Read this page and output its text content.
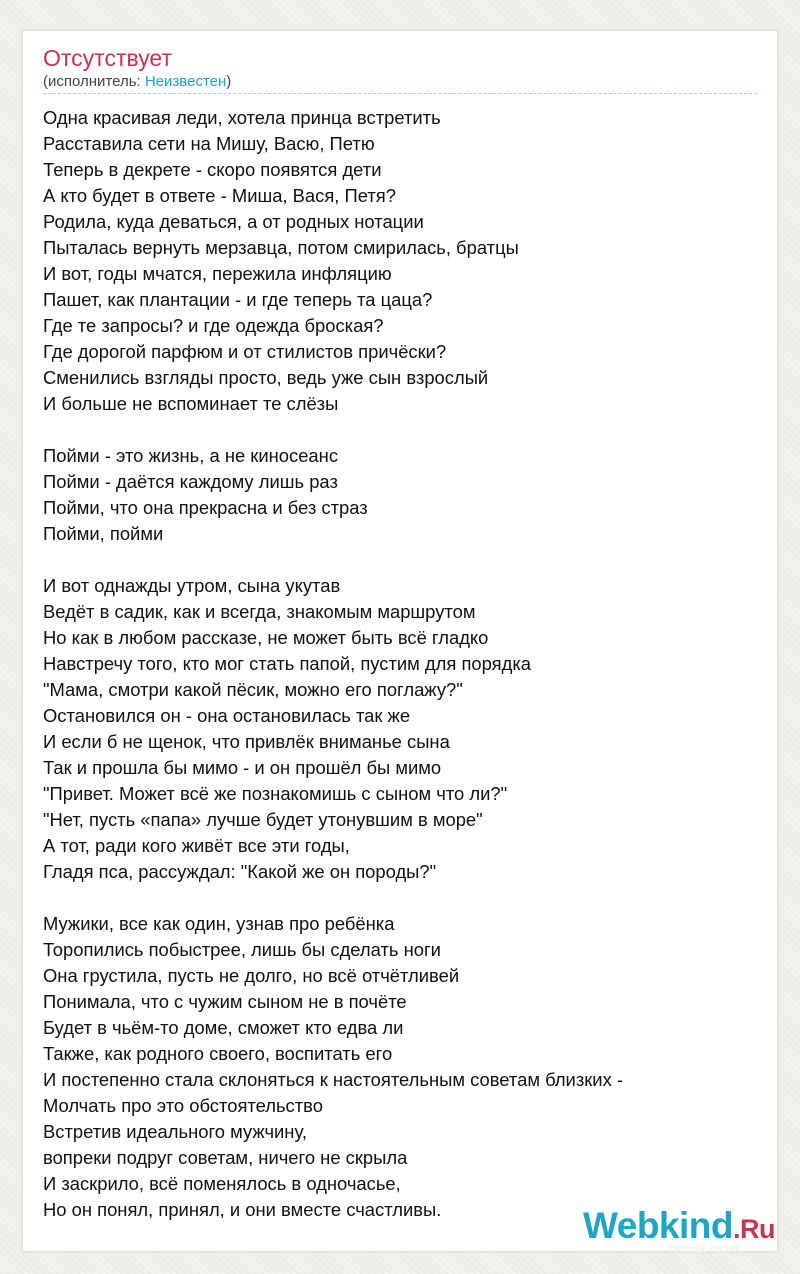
Отсутствует
(исполнитель: Неизвестен)
Одна красивая леди, хотела принца встретить
Расставила сети на Мишу, Васю, Петю
Теперь в декрете - скоро появятся дети
А кто будет в ответе - Миша, Вася, Петя?
Родила, куда деваться, а от родных нотации
Пыталась вернуть мерзавца, потом смирилась, братцы
И вот, годы мчатся, пережила инфляцию
Пашет, как плантации - и где теперь та цаца?
Где те запросы? и где одежда броская?
Где дорогой парфюм и от стилистов причёски?
Сменились взгляды просто, ведь уже сын взрослый
И больше не вспоминает те слёзы
Пойми - это жизнь, а не киносеанс
Пойми - даётся каждому лишь раз
Пойми, что она прекрасна и без страз
Пойми, пойми
И вот однажды утром, сына укутав
Ведёт в садик, как и всегда, знакомым маршрутом
Но как в любом рассказе, не может быть всё гладко
Навстречу того, кто мог стать папой, пустим для порядка
"Мама, смотри какой пёсик, можно его поглажу?"
Остановился он - она остановилась так же
И если б не щенок, что привлёк вниманье сына
Так и прошла бы мимо - и он прошёл бы мимо
"Привет. Может всё же познакомишь с сыном что ли?"
"Нет, пусть «папа» лучше будет утонувшим в море"
А тот, ради кого живёт все эти годы,
Гладя пса, рассуждал: "Какой же он породы?"
Мужики, все как один, узнав про ребёнка
Торопились побыстрее, лишь бы сделать ноги
Она грустила, пусть не долго, но всё отчётливей
Понимала, что с чужим сыном не в почёте
Будет в чьём-то доме, сможет кто едва ли
Также, как родного своего, воспитать его
И постепенно стала склоняться к настоятельным советам близких -
Молчать про это обстоятельство
Встретив идеального мужчину,
вопреки подруг советам, ничего не скрыла
И заскрило, всё поменялось в одночасье,
Но он понял, принял, и они вместе счастливы.	Webkind.Ru
тексты песен
